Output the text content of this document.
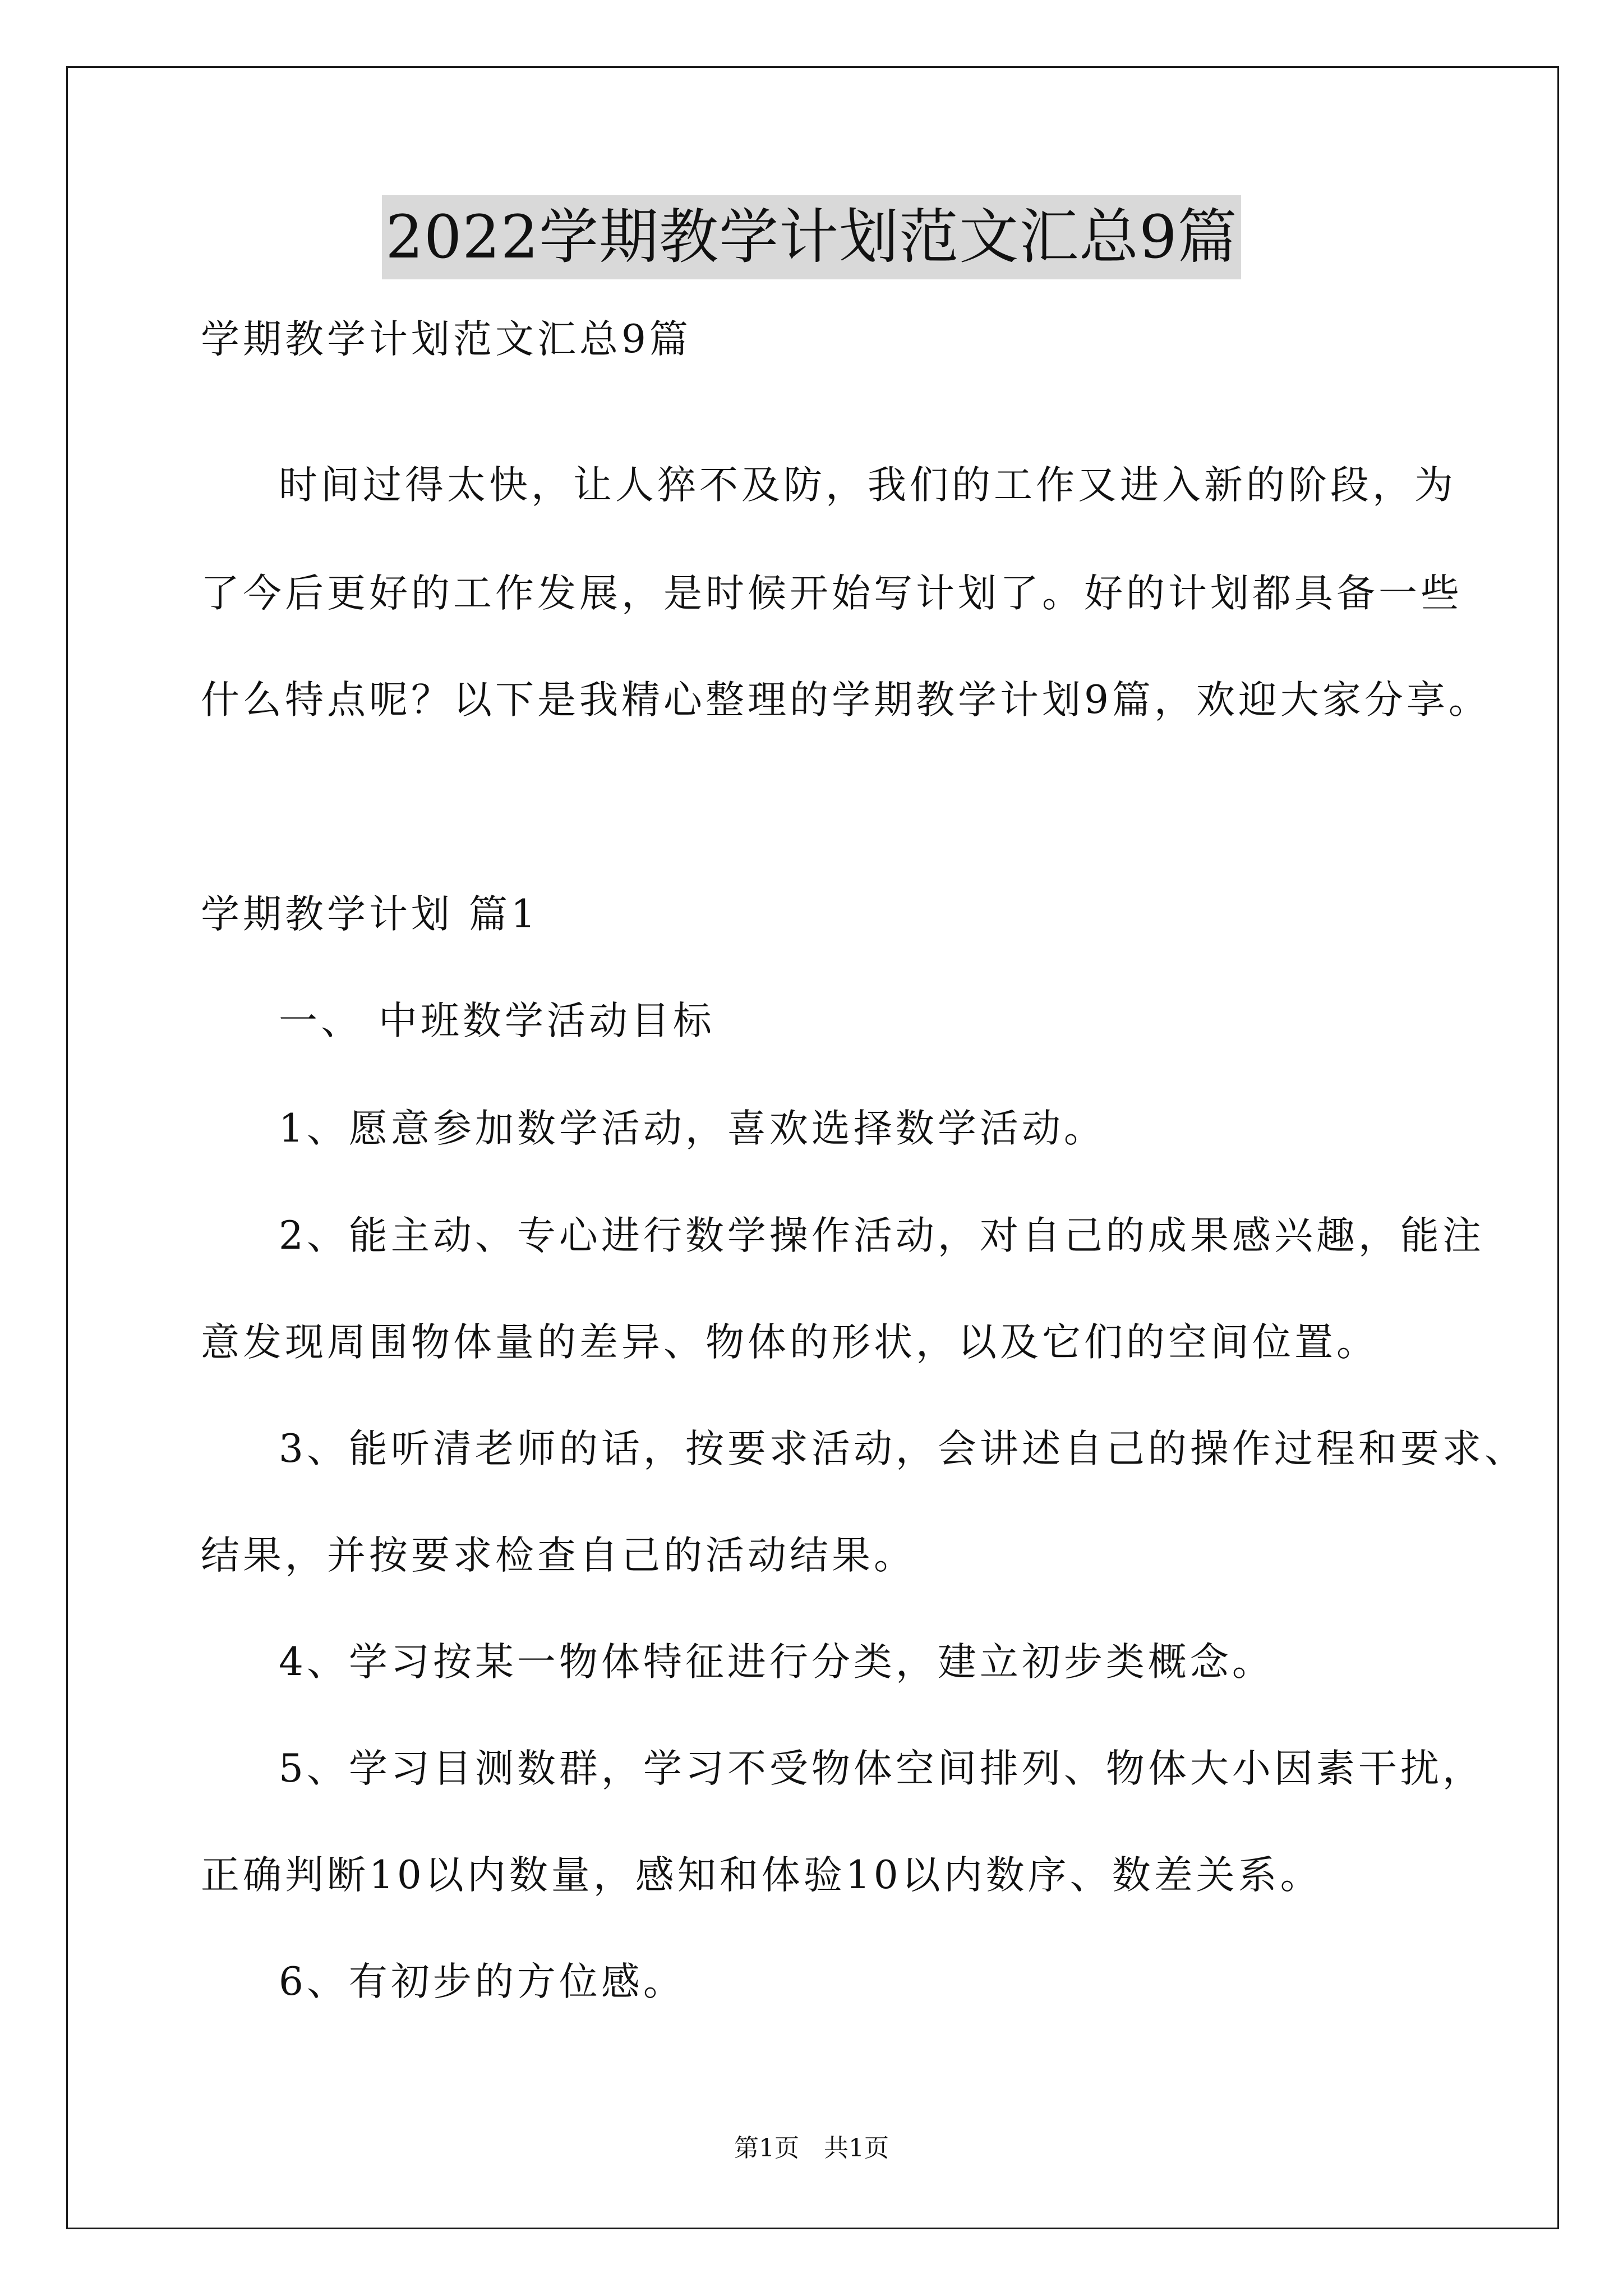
2022学期教学计划范文汇总9篇
学期教学计划范文汇总9篇
时间过得太快，让人猝不及防，我们的工作又进入新的阶段，为
了今后更好的工作发展，是时候开始写计划了。好的计划都具备一些
什么特点呢？以下是我精心整理的学期教学计划9篇，欢迎大家分享。
学期教学计划 篇1
一、 中班数学活动目标
1、愿意参加数学活动，喜欢选择数学活动。
2、能主动、专心进行数学操作活动，对自己的成果感兴趣，能注
意发现周围物体量的差异、物体的形状，以及它们的空间位置。
3、能听清老师的话，按要求活动，会讲述自己的操作过程和要求、
结果，并按要求检查自己的活动结果。
4、学习按某一物体特征进行分类，建立初步类概念。
5、学习目测数群，学习不受物体空间排列、物体大小因素干扰，
正确判断10以内数量，感知和体验10以内数序、数差关系。
6、有初步的方位感。
第1页　共1页
